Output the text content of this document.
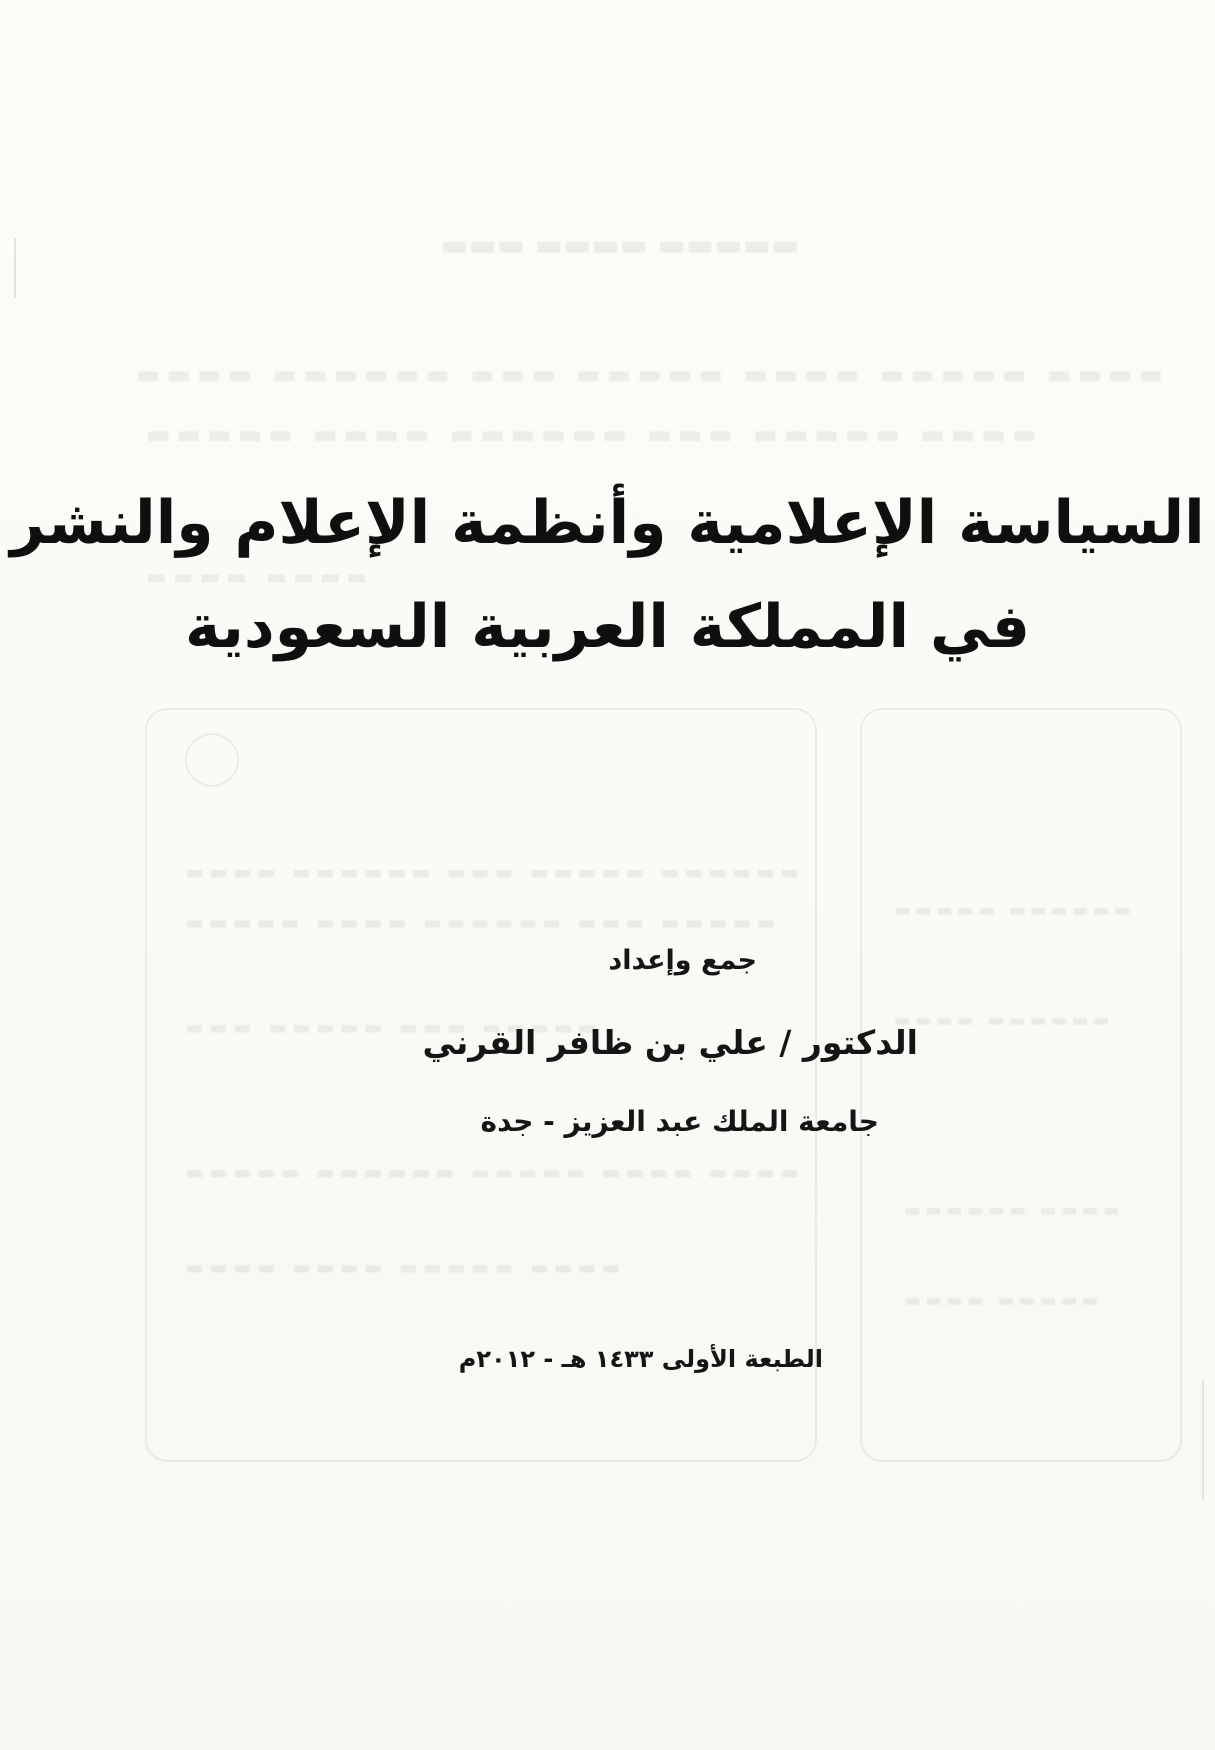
▬▬▬ ▬▬▬▬ ▬▬▬▬▬
▬▬▬▬ ▬▬▬▬▬▬ ▬▬▬ ▬▬▬▬▬ ▬▬▬▬ ▬▬▬▬▬ ▬▬▬▬
▬▬▬▬▬ ▬▬▬▬ ▬▬▬▬▬▬ ▬▬▬ ▬▬▬▬▬ ▬▬▬▬
▬▬▬▬ ▬▬▬▬
▬▬▬▬ ▬▬▬▬▬▬ ▬▬▬ ▬▬▬▬▬ ▬▬▬▬▬▬
▬▬▬▬▬ ▬▬▬▬ ▬▬▬▬▬▬ ▬▬▬ ▬▬▬▬▬
▬▬▬ ▬▬▬▬▬ ▬▬▬ ▬▬▬▬▬
▬▬▬▬▬ ▬▬▬▬▬▬ ▬▬▬▬▬ ▬▬▬▬ ▬▬▬▬
▬▬▬▬ ▬▬▬▬ ▬▬▬▬▬ ▬▬▬▬
▬▬▬▬▬ ▬▬▬▬▬▬
▬▬▬▬ ▬▬▬▬▬▬
▬▬▬▬▬▬ ▬▬▬▬
▬▬▬▬ ▬▬▬▬▬
السياسة الإعلامية وأنظمة الإعلام والنشر
في المملكة العربية السعودية
جمع وإعداد
الدكتور / علي بن ظافر القرني
جامعة الملك عبد العزيز - جدة
الطبعة الأولى ١٤٣٣ هـ - ٢٠١٢م
